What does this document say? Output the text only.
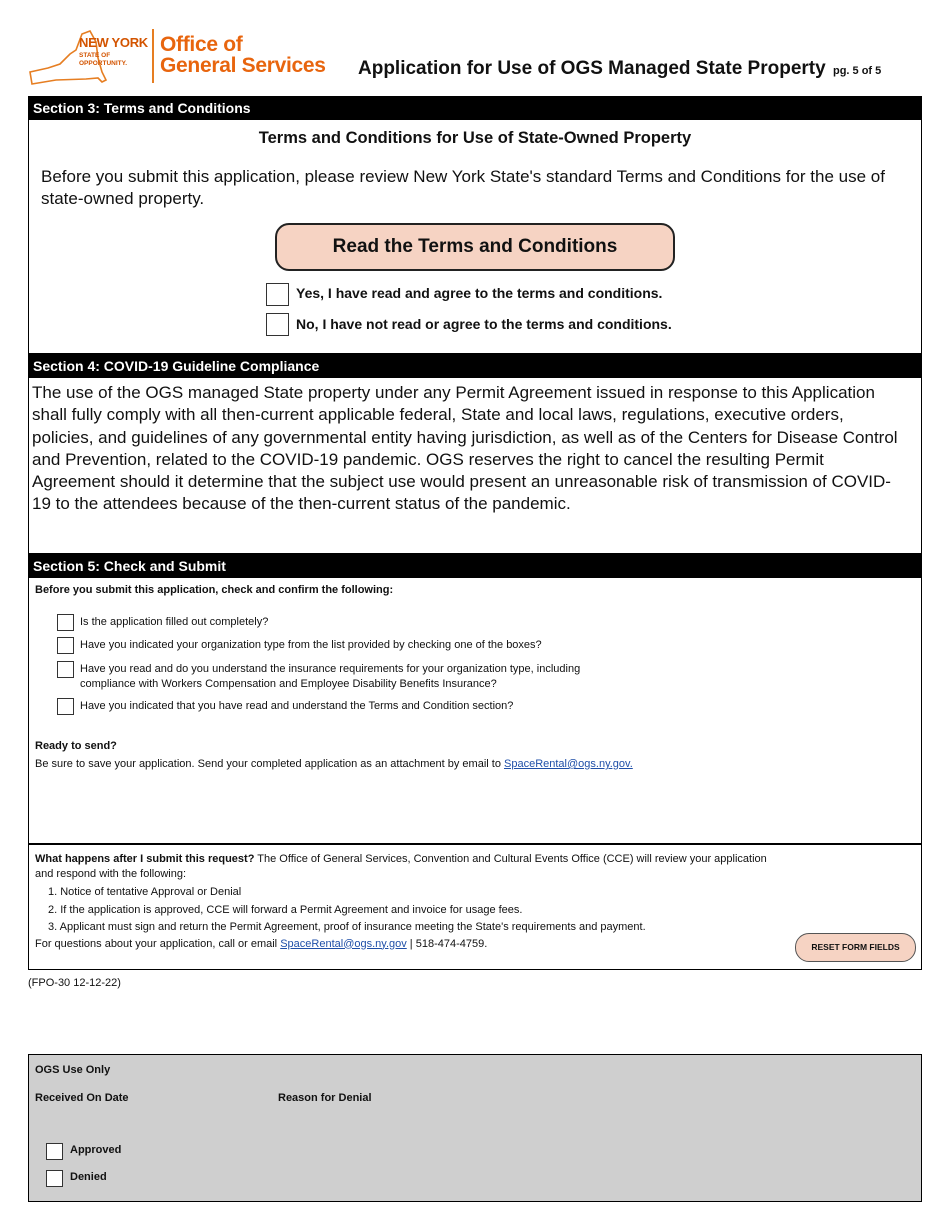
NEW YORK
STATE OF
OPPORTUNITY.
Office of
General Services Application for Use of OGS Managed State Property pg. 5 of 5
Section 3: Terms and Conditions
Terms and Conditions for Use of State-Owned Property
Before you submit this application, please review New York State's standard Terms and Conditions for the use of state-owned property.
Read the Terms and Conditions
Yes, I have read and agree to the terms and conditions.
No, I have not read or agree to the terms and conditions.
Section 4: COVID-19 Guideline Compliance
The use of the OGS managed State property under any Permit Agreement issued in response to this Application shall fully comply with all then-current applicable federal, State and local laws, regulations, executive orders, policies, and guidelines of any governmental entity having jurisdiction, as well as of the Centers for Disease Control and Prevention, related to the COVID-19 pandemic. OGS reserves the right to cancel the resulting Permit Agreement should it determine that the subject use would present an unreasonable risk of transmission of COVID-19 to the attendees because of the then-current status of the pandemic.
Section 5: Check and Submit
Before you submit this application, check and confirm the following:
Is the application filled out completely?
Have you indicated your organization type from the list provided by checking one of the boxes?
Have you read and do you understand the insurance requirements for your organization type, including
compliance with Workers Compensation and Employee Disability Benefits Insurance?
Have you indicated that you have read and understand the Terms and Condition section?
Ready to send?
Be sure to save your application. Send your completed application as an attachment by email to SpaceRental@ogs.ny.gov.
What happens after I submit this request? The Office of General Services, Convention and Cultural Events Office (CCE) will review your application
and respond with the following:
1. Notice of tentative Approval or Denial
2. If the application is approved, CCE will forward a Permit Agreement and invoice for usage fees.
3. Applicant must sign and return the Permit Agreement, proof of insurance meeting the State's requirements and payment.
For questions about your application, call or email SpaceRental@ogs.ny.gov | 518-474-4759.	RESET FORM FIELDS
(FPO-30 12-12-22)
OGS Use Only
Received On Date	Reason for Denial
Approved
Denied
